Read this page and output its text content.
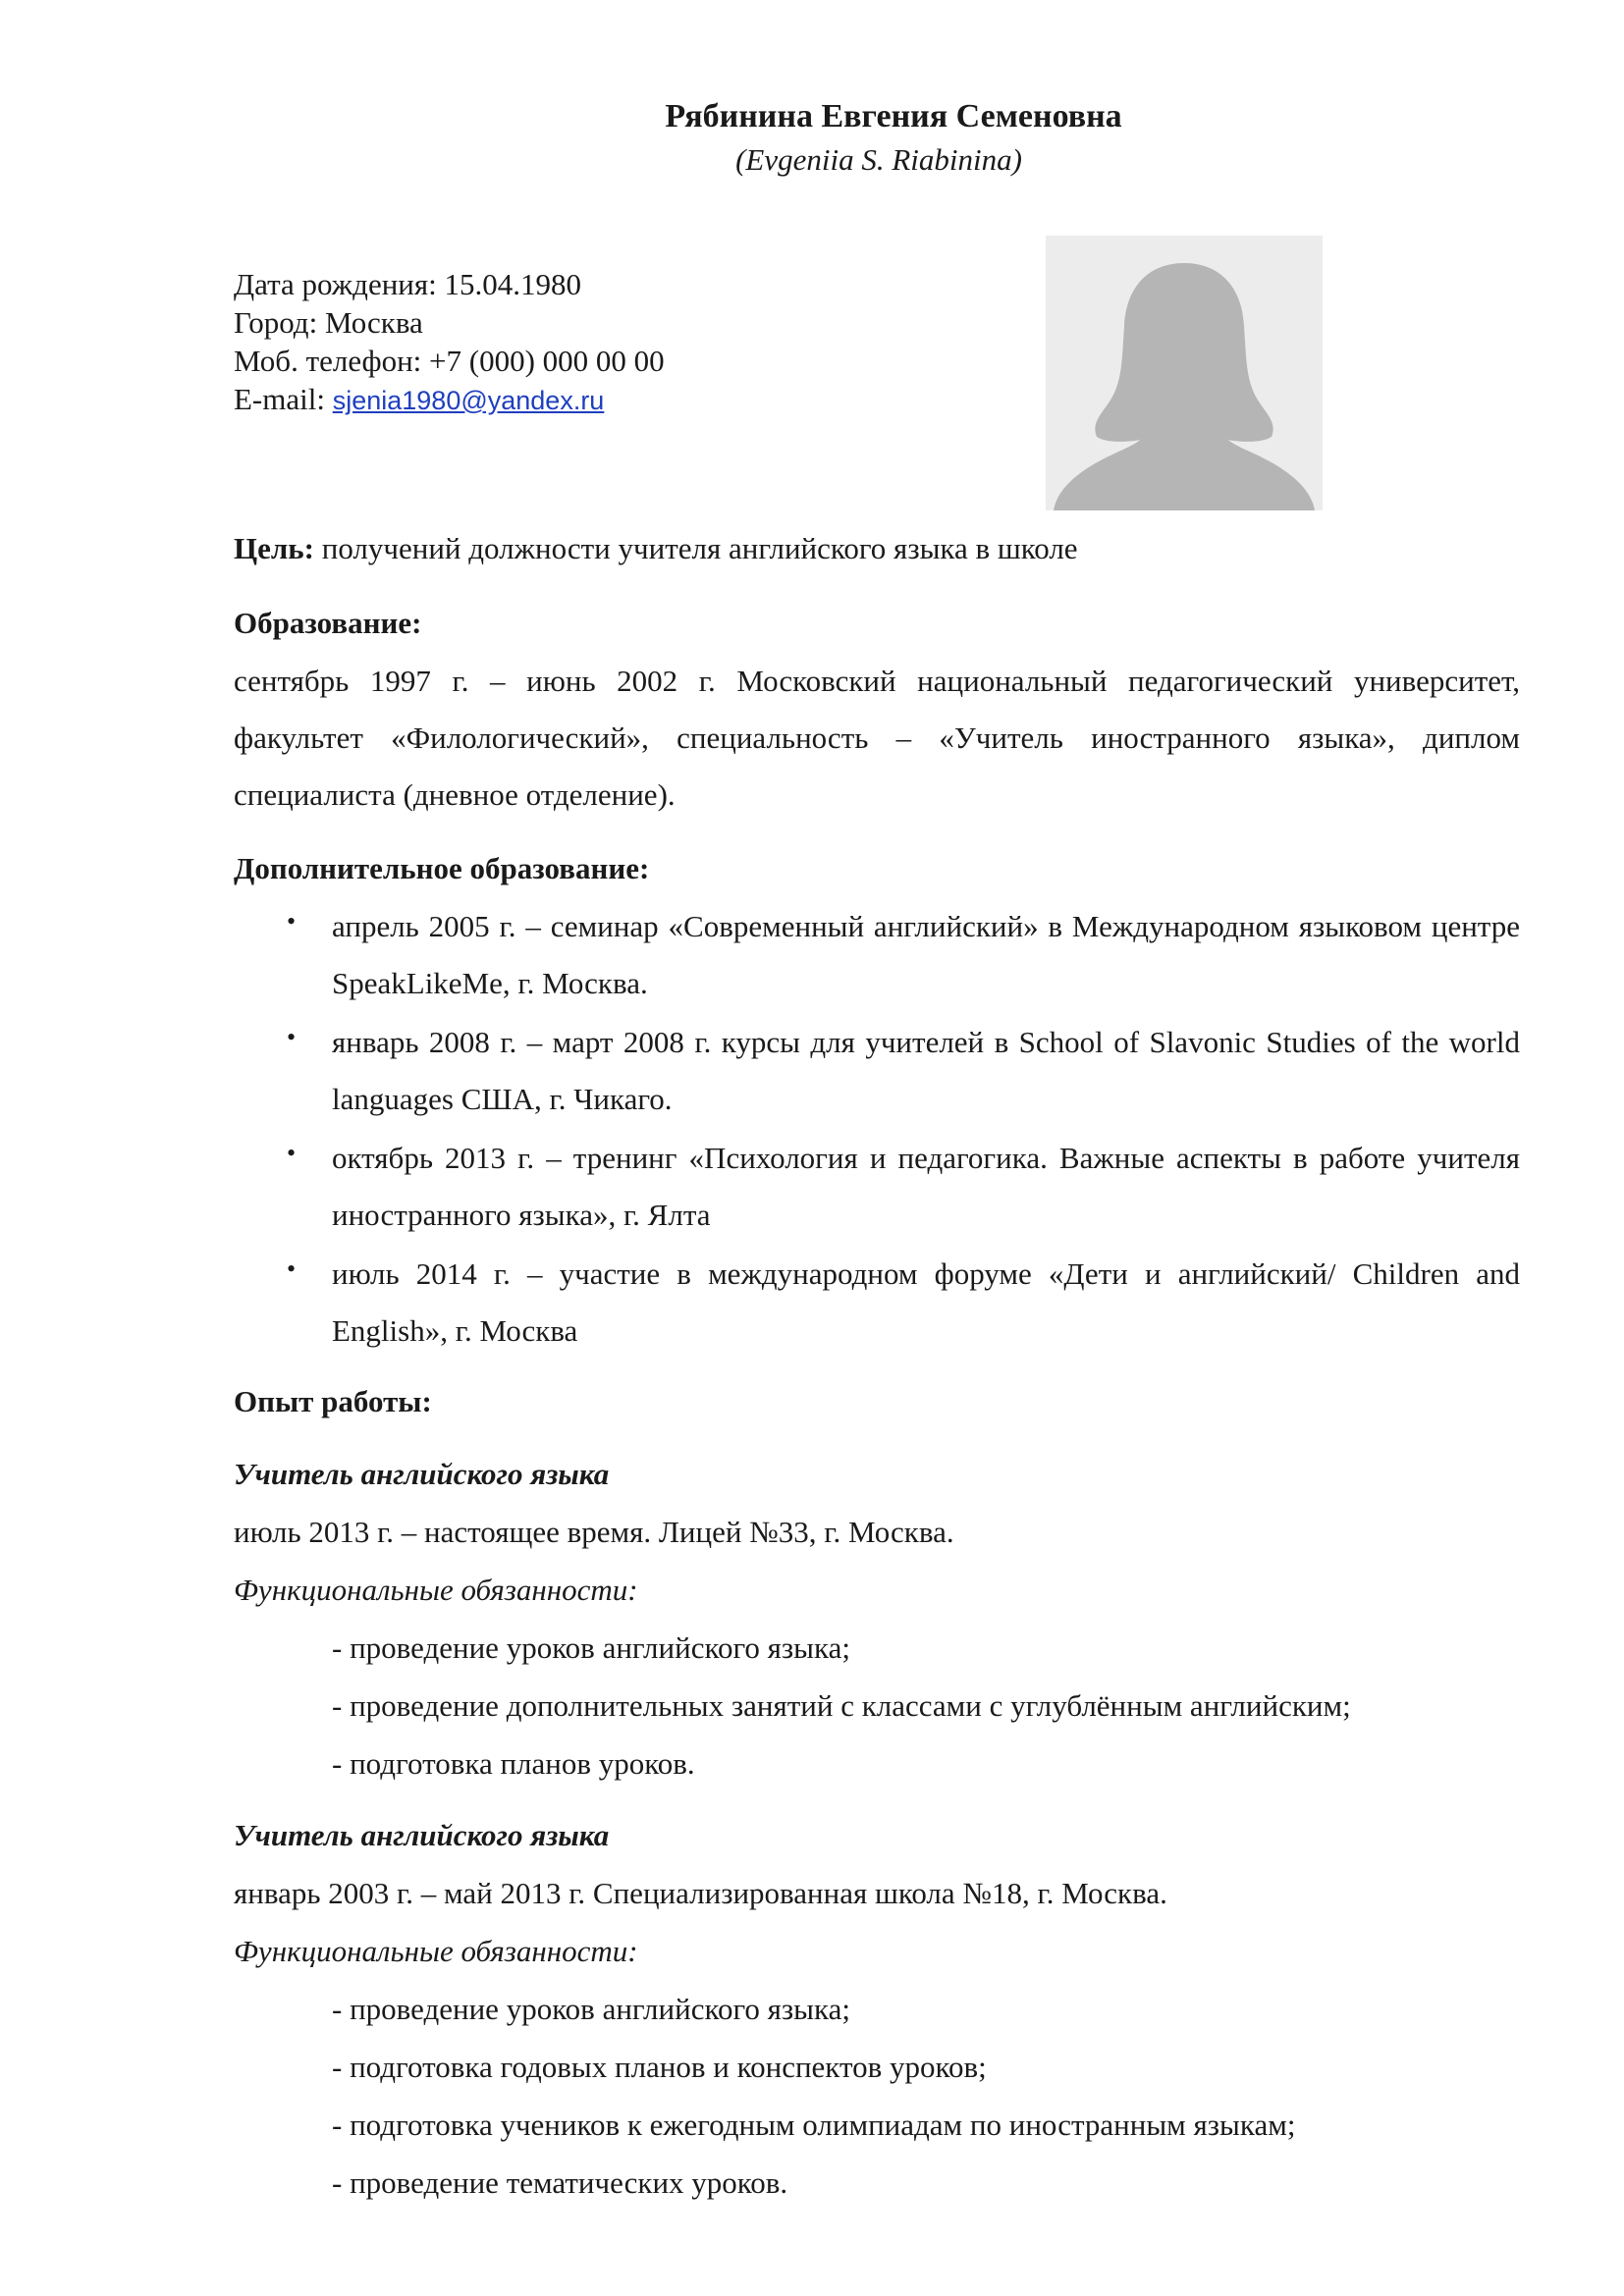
Рябинина Евгения Семеновна
(Evgeniia S. Riabinina)
Дата рождения: 15.04.1980
Город: Москва
Моб. телефон: +7 (000) 000 00 00
E-mail: sjenia1980@yandex.ru
Цель: получений должности учителя английского языка в школе
Образование:
сентябрь 1997 г. – июнь 2002 г. Московский национальный педагогический университет, факультет «Филологический», специальность – «Учитель иностранного языка», диплом специалиста (дневное отделение).
Дополнительное образование:
• апрель 2005 г. – семинар «Современный английский» в Международном языковом центре SpeakLikeMe, г. Москва.
• январь 2008 г. – март 2008 г. курсы для учителей в School of Slavonic Studies of the world languages США, г. Чикаго.
• октябрь 2013 г. – тренинг «Психология и педагогика. Важные аспекты в работе учителя иностранного языка», г. Ялта
• июль 2014 г. – участие в международном форуме «Дети и английский/ Children and English», г. Москва
Опыт работы:
Учитель английского языка
июль 2013 г. – настоящее время. Лицей №33, г. Москва.
Функциональные обязанности:
- проведение уроков английского языка;
- проведение дополнительных занятий с классами с углублённым английским;
- подготовка планов уроков.
Учитель английского языка
январь 2003 г. – май 2013 г. Специализированная школа №18, г. Москва.
Функциональные обязанности:
- проведение уроков английского языка;
- подготовка годовых планов и конспектов уроков;
- подготовка учеников к ежегодным олимпиадам по иностранным языкам;
- проведение тематических уроков.
